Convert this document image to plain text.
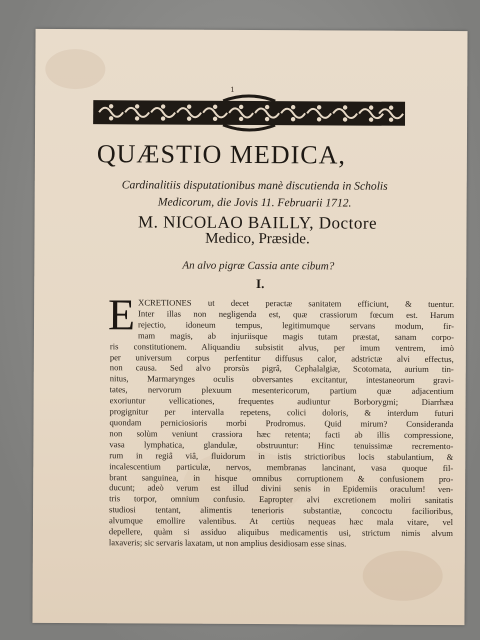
1
QUÆSTIO MEDICA,
Cardinalitiis disputationibus manè discutienda in Scholis
Medicorum, die Jovis 11. Februarii 1712.
M. NICOLAO BAILLY, Doctore
Medico, Præside.
An alvo pigræ Cassia ante cibum?
I.
E XCRETIONES ut decet peractæ sanitatem efficiunt, & tuentur.
Inter illas non negligenda est, quæ crassiorum fœcum est. Harum
rejectio, idoneum tempus, legitimumque servans modum, fir-
mam magis, ab injuriisque magis tutam præstat, sanam corpo-
ris constitutionem. Aliquandiu subsistit alvus, per imum ventrem, imò
per universum corpus perfentitur diffusus calor, adstrictæ alvi effectus,
non causa. Sed alvo prorsùs pigrâ, Cephalalgiæ, Scotomata, aurium tin-
nitus, Marmarynges oculis obversantes excitantur, intestaneorum gravi-
tates, nervorum plexuum mesentericorum, partium quæ adjacentium
exoriuntur vellicationes, frequentes audiuntur Borborygmi; Diarrhæa
progignitur per intervalla repetens, colici doloris, & interdum futuri
quondam perniciosioris morbi Prodromus. Quid mirum? Consideranda
non solùm veniunt crassiora hæc retenta; facti ab illis compressione,
vasa lymphatica, glandulæ, obstruuntur: Hinc tenuissimæ recremento-
rum in regiâ viâ, fluidorum in istis strictioribus locis stabulantium, &
incalescentium particulæ, nervos, membranas lancinant, vasa quoque fil-
brant sanguinea, in hisque omnibus corruptionem & confusionem pro-
ducunt; adeò verum est illud divini senis in Epidemiis oraculum! ven-
tris torpor, omnium confusio. Eapropter alvi excretionem moliri sanitatis
studiosi tentant, alimentis tenerioris substantiæ, concoctu facilioribus,
alvumque emollire valentibus. At certiùs nequeas hæc mala vitare, vel
depellere, quàm si assiduo aliquibus medicamentis usi, strictum nimis alvum
laxaveris; sic servaris laxatam, ut non amplius desidiosam esse sinas.
